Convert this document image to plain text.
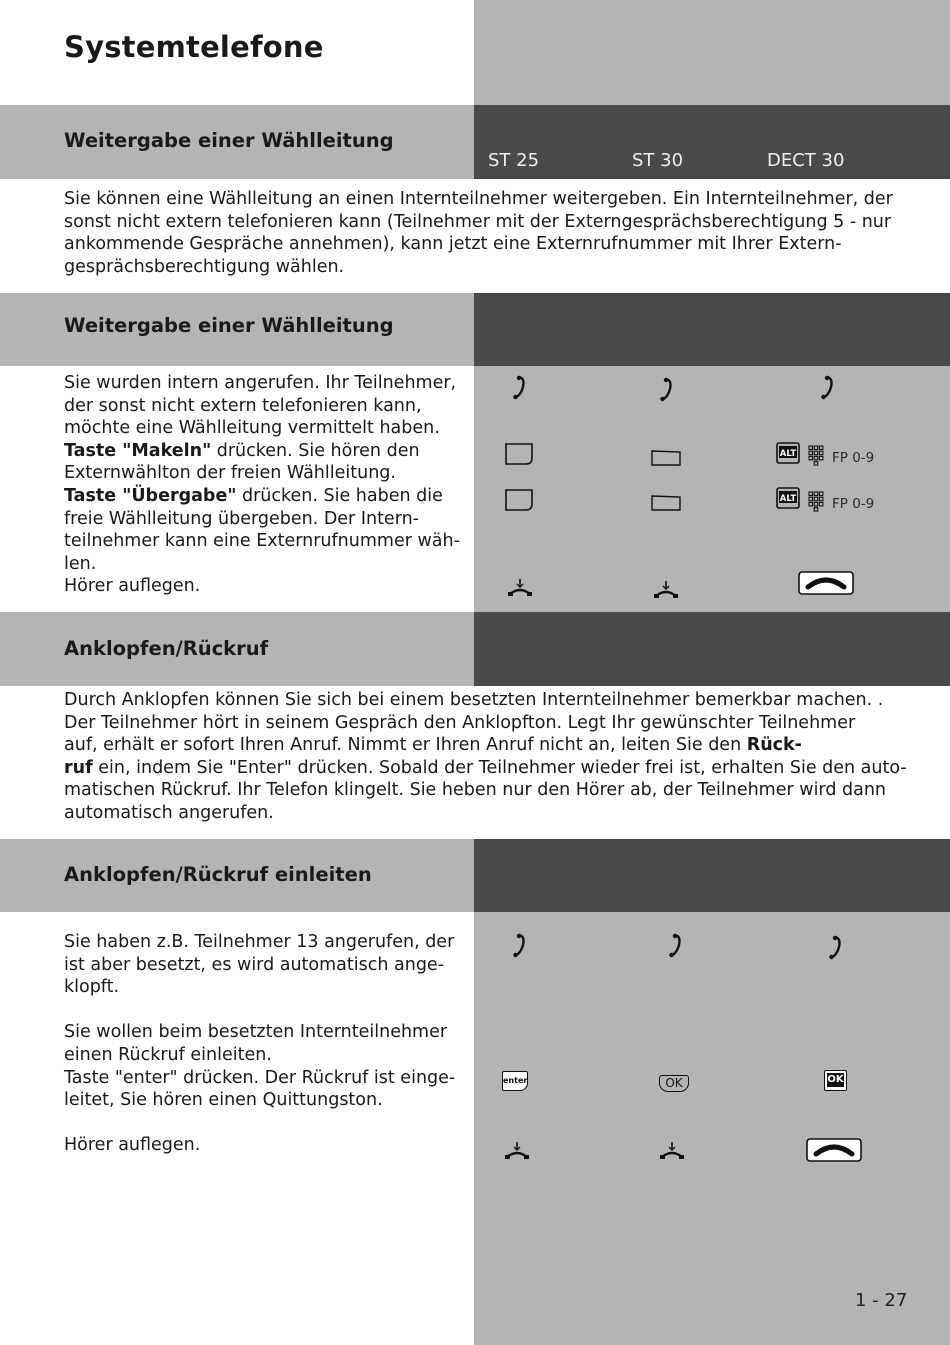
Systemtelefone
Weitergabe einer Wählleitung
ST 25	ST 30	DECT 30
Sie können eine Wählleitung an einen Internteilnehmer weitergeben. Ein Internteilnehmer, der
sonst nicht extern telefonieren kann (Teilnehmer mit der Externgesprächsberechtigung 5 - nur
ankommende Gespräche annehmen), kann jetzt eine Externrufnummer mit Ihrer Extern-
gesprächsberechtigung wählen.
Weitergabe einer Wählleitung
Sie wurden intern angerufen. Ihr Teilnehmer,
der sonst nicht extern telefonieren kann,
möchte eine Wählleitung vermittelt haben.
Taste "Makeln" drücken. Sie hören den
Externwählton der freien Wählleitung.
Taste "Übergabe" drücken. Sie haben die
freie Wählleitung übergeben. Der Intern-
teilnehmer kann eine Externrufnummer wäh-
len.
Hörer auflegen.
ALT	FP 0-9
ALT	FP 0-9
Anklopfen/Rückruf
Durch Anklopfen können Sie sich bei einem besetzten Internteilnehmer bemerkbar machen. .
Der Teilnehmer hört in seinem Gespräch den Anklopfton. Legt Ihr gewünschter Teilnehmer
auf, erhält er sofort Ihren Anruf. Nimmt er Ihren Anruf nicht an, leiten Sie den Rück-
ruf ein, indem Sie "Enter" drücken. Sobald der Teilnehmer wieder frei ist, erhalten Sie den auto-
matischen Rückruf. Ihr Telefon klingelt. Sie heben nur den Hörer ab, der Teilnehmer wird dann
automatisch angerufen.
Anklopfen/Rückruf einleiten
Sie haben z.B. Teilnehmer 13 angerufen, der
ist aber besetzt, es wird automatisch ange-
klopft.
Sie wollen beim besetzten Internteilnehmer
einen Rückruf einleiten.
Taste "enter" drücken. Der Rückruf ist einge-
leitet, Sie hören einen Quittungston.
Hörer auflegen.
enter	OK	OK
1 - 27
